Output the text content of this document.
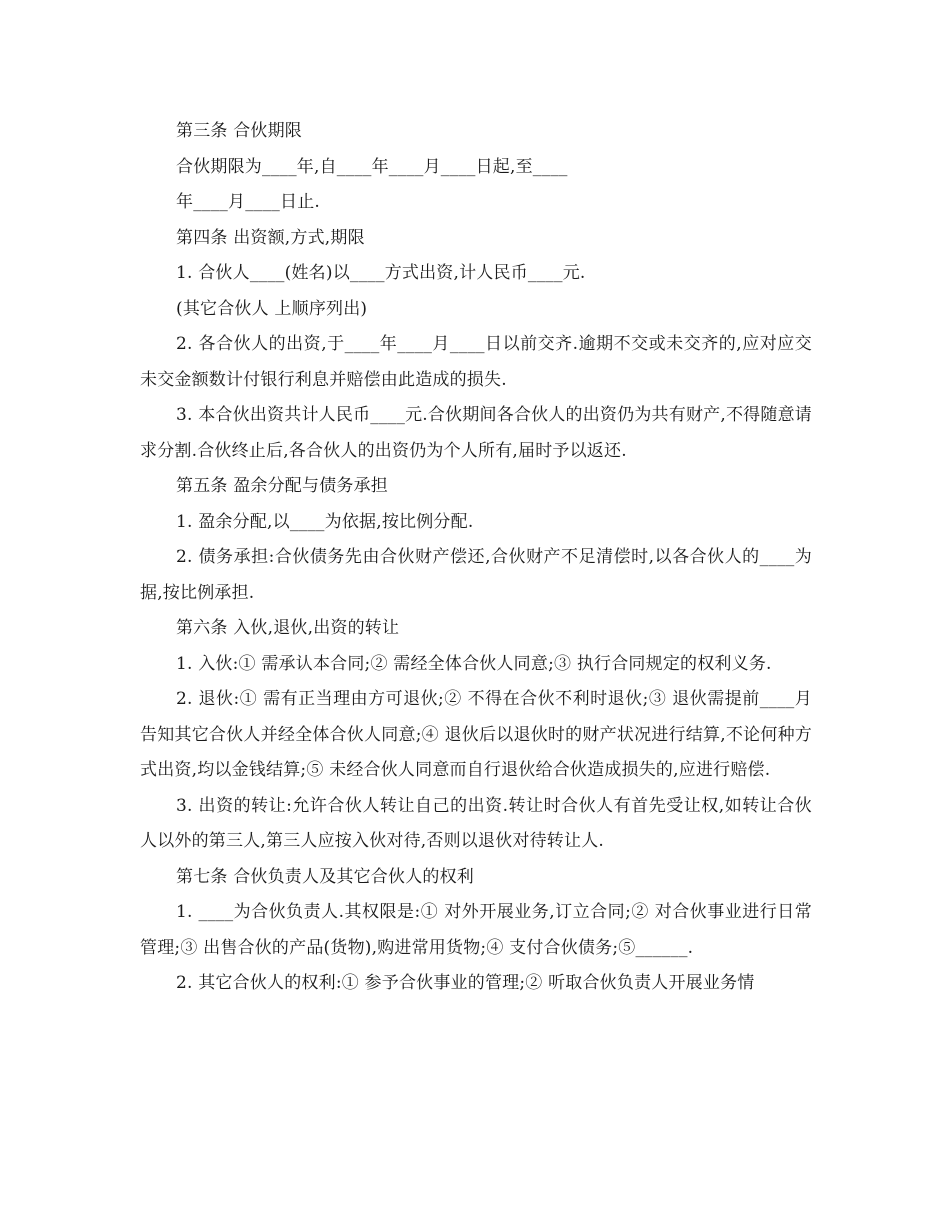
第三条 合伙期限

合伙期限为____年,自____年____月____日起,至____

年____月____日止.

第四条 出资额,方式,期限

1. 合伙人____(姓名)以____方式出资,计人民币____元.

(其它合伙人 上顺序列出)

2. 各合伙人的出资,于____年____月____日以前交齐.逾期不交或未交齐的,应对应交未交金额数计付银行利息并赔偿由此造成的损失.

3. 本合伙出资共计人民币____元.合伙期间各合伙人的出资仍为共有财产,不得随意请求分割.合伙终止后,各合伙人的出资仍为个人所有,届时予以返还.

第五条 盈余分配与债务承担

1. 盈余分配,以____为依据,按比例分配.

2. 债务承担:合伙债务先由合伙财产偿还,合伙财产不足清偿时,以各合伙人的____为据,按比例承担.

第六条 入伙,退伙,出资的转让

1. 入伙:① 需承认本合同;② 需经全体合伙人同意;③ 执行合同规定的权利义务.

2. 退伙:① 需有正当理由方可退伙;② 不得在合伙不利时退伙;③ 退伙需提前____月告知其它合伙人并经全体合伙人同意;④ 退伙后以退伙时的财产状况进行结算,不论何种方式出资,均以金钱结算;⑤ 未经合伙人同意而自行退伙给合伙造成损失的,应进行赔偿.

3. 出资的转让:允许合伙人转让自己的出资.转让时合伙人有首先受让权,如转让合伙人以外的第三人,第三人应按入伙对待,否则以退伙对待转让人.

第七条 合伙负责人及其它合伙人的权利

1. ____为合伙负责人.其权限是:① 对外开展业务,订立合同;② 对合伙事业进行日常管理;③ 出售合伙的产品(货物),购进常用货物;④ 支付合伙债务;⑤______.

2. 其它合伙人的权利:① 参予合伙事业的管理;② 听取合伙负责人开展业务情
